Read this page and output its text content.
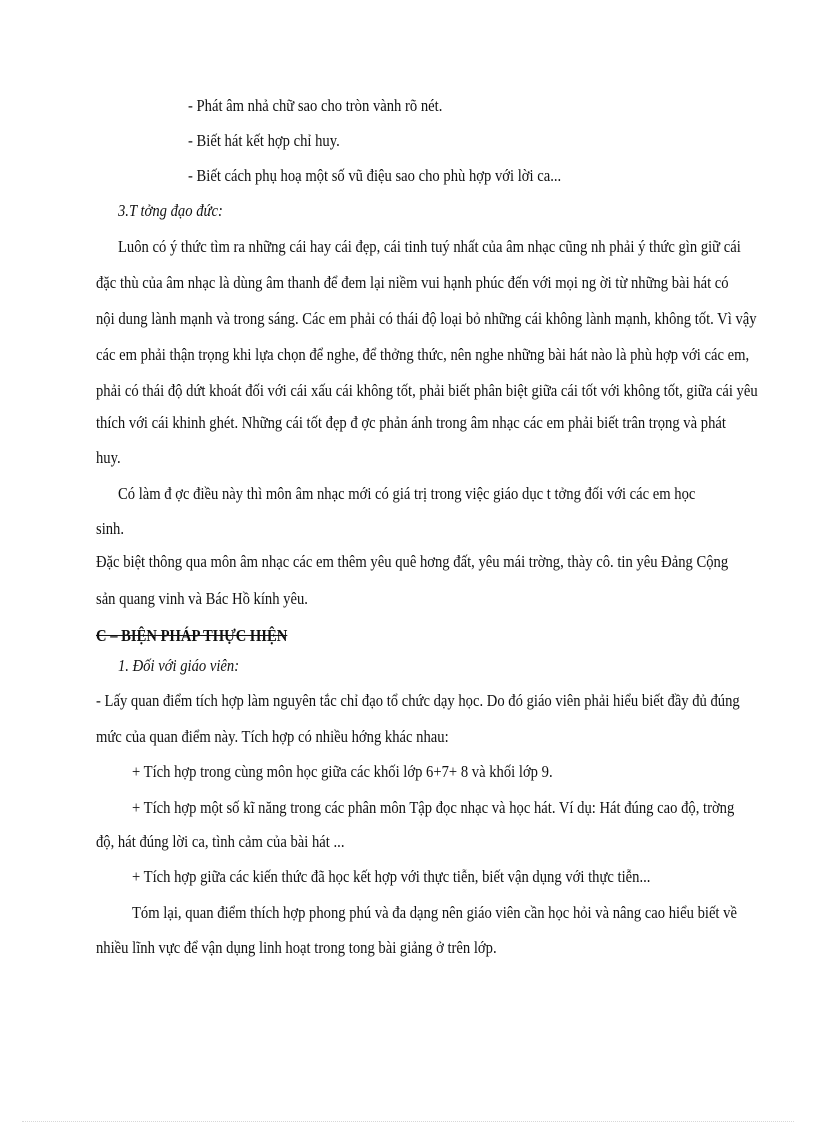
- Phát âm nhả chữ sao cho tròn vành rõ nét.
- Biết hát kết hợp chỉ huy.
- Biết cách phụ hoạ một số vũ điệu sao cho phù hợp với lời ca...
3.T tởng đạo đức:
Luôn có ý thức tìm ra những cái hay cái đẹp, cái tinh tuý nhất của âm nhạc cũng nh phải ý thức gìn giữ cái
đặc thù của âm nhạc là dùng âm thanh để đem lại niềm vui hạnh phúc đến với mọi ng ời từ những bài hát có
nội dung lành mạnh và trong sáng. Các em phải có thái độ loại bỏ những cái không lành mạnh, không tốt. Vì vậy
các em phải thận trọng khi lựa chọn để nghe, để thởng thức, nên nghe những bài hát nào là phù hợp với các em,
phải có thái độ dứt khoát đối với cái xấu cái không tốt, phải biết phân biệt giữa cái tốt với không tốt, giữa cái yêu
thích với cái khinh ghét. Những cái tốt đẹp đ ợc phản ánh trong âm nhạc các em phải biết trân trọng và phát
huy.
Có làm đ ợc điều này thì môn âm nhạc mới có giá trị trong việc giáo dục t tởng đối với các em học
sinh.
Đặc biệt thông qua môn âm nhạc các em thêm yêu quê hơng đất, yêu mái trờng, thày cô. tin yêu Đảng Cộng
sản quang vinh và Bác Hồ kính yêu.
C – BIỆN PHÁP THỰC HIỆN
1. Đối với giáo viên:
- Lấy quan điểm tích hợp làm nguyên tắc chỉ đạo tổ chức dạy học. Do đó giáo viên phải hiểu biết đầy đủ đúng
mức của quan điểm này. Tích hợp có nhiều hớng khác nhau:
+ Tích hợp trong cùng môn học giữa các khối lớp 6+7+ 8 và khối lớp 9.
+ Tích hợp một số kĩ năng trong các phân môn Tập đọc nhạc và học hát. Ví dụ: Hát đúng cao độ, trờng
độ, hát đúng lời ca, tình cảm của bài hát ...
+ Tích hợp giữa các kiến thức đã học kết hợp với thực tiễn, biết vận dụng với thực tiễn...
Tóm lại, quan điểm thích hợp phong phú và đa dạng nên giáo viên cần học hỏi và nâng cao hiểu biết về
nhiều lĩnh vực để vận dụng linh hoạt trong tong bài giảng ở trên lớp.
